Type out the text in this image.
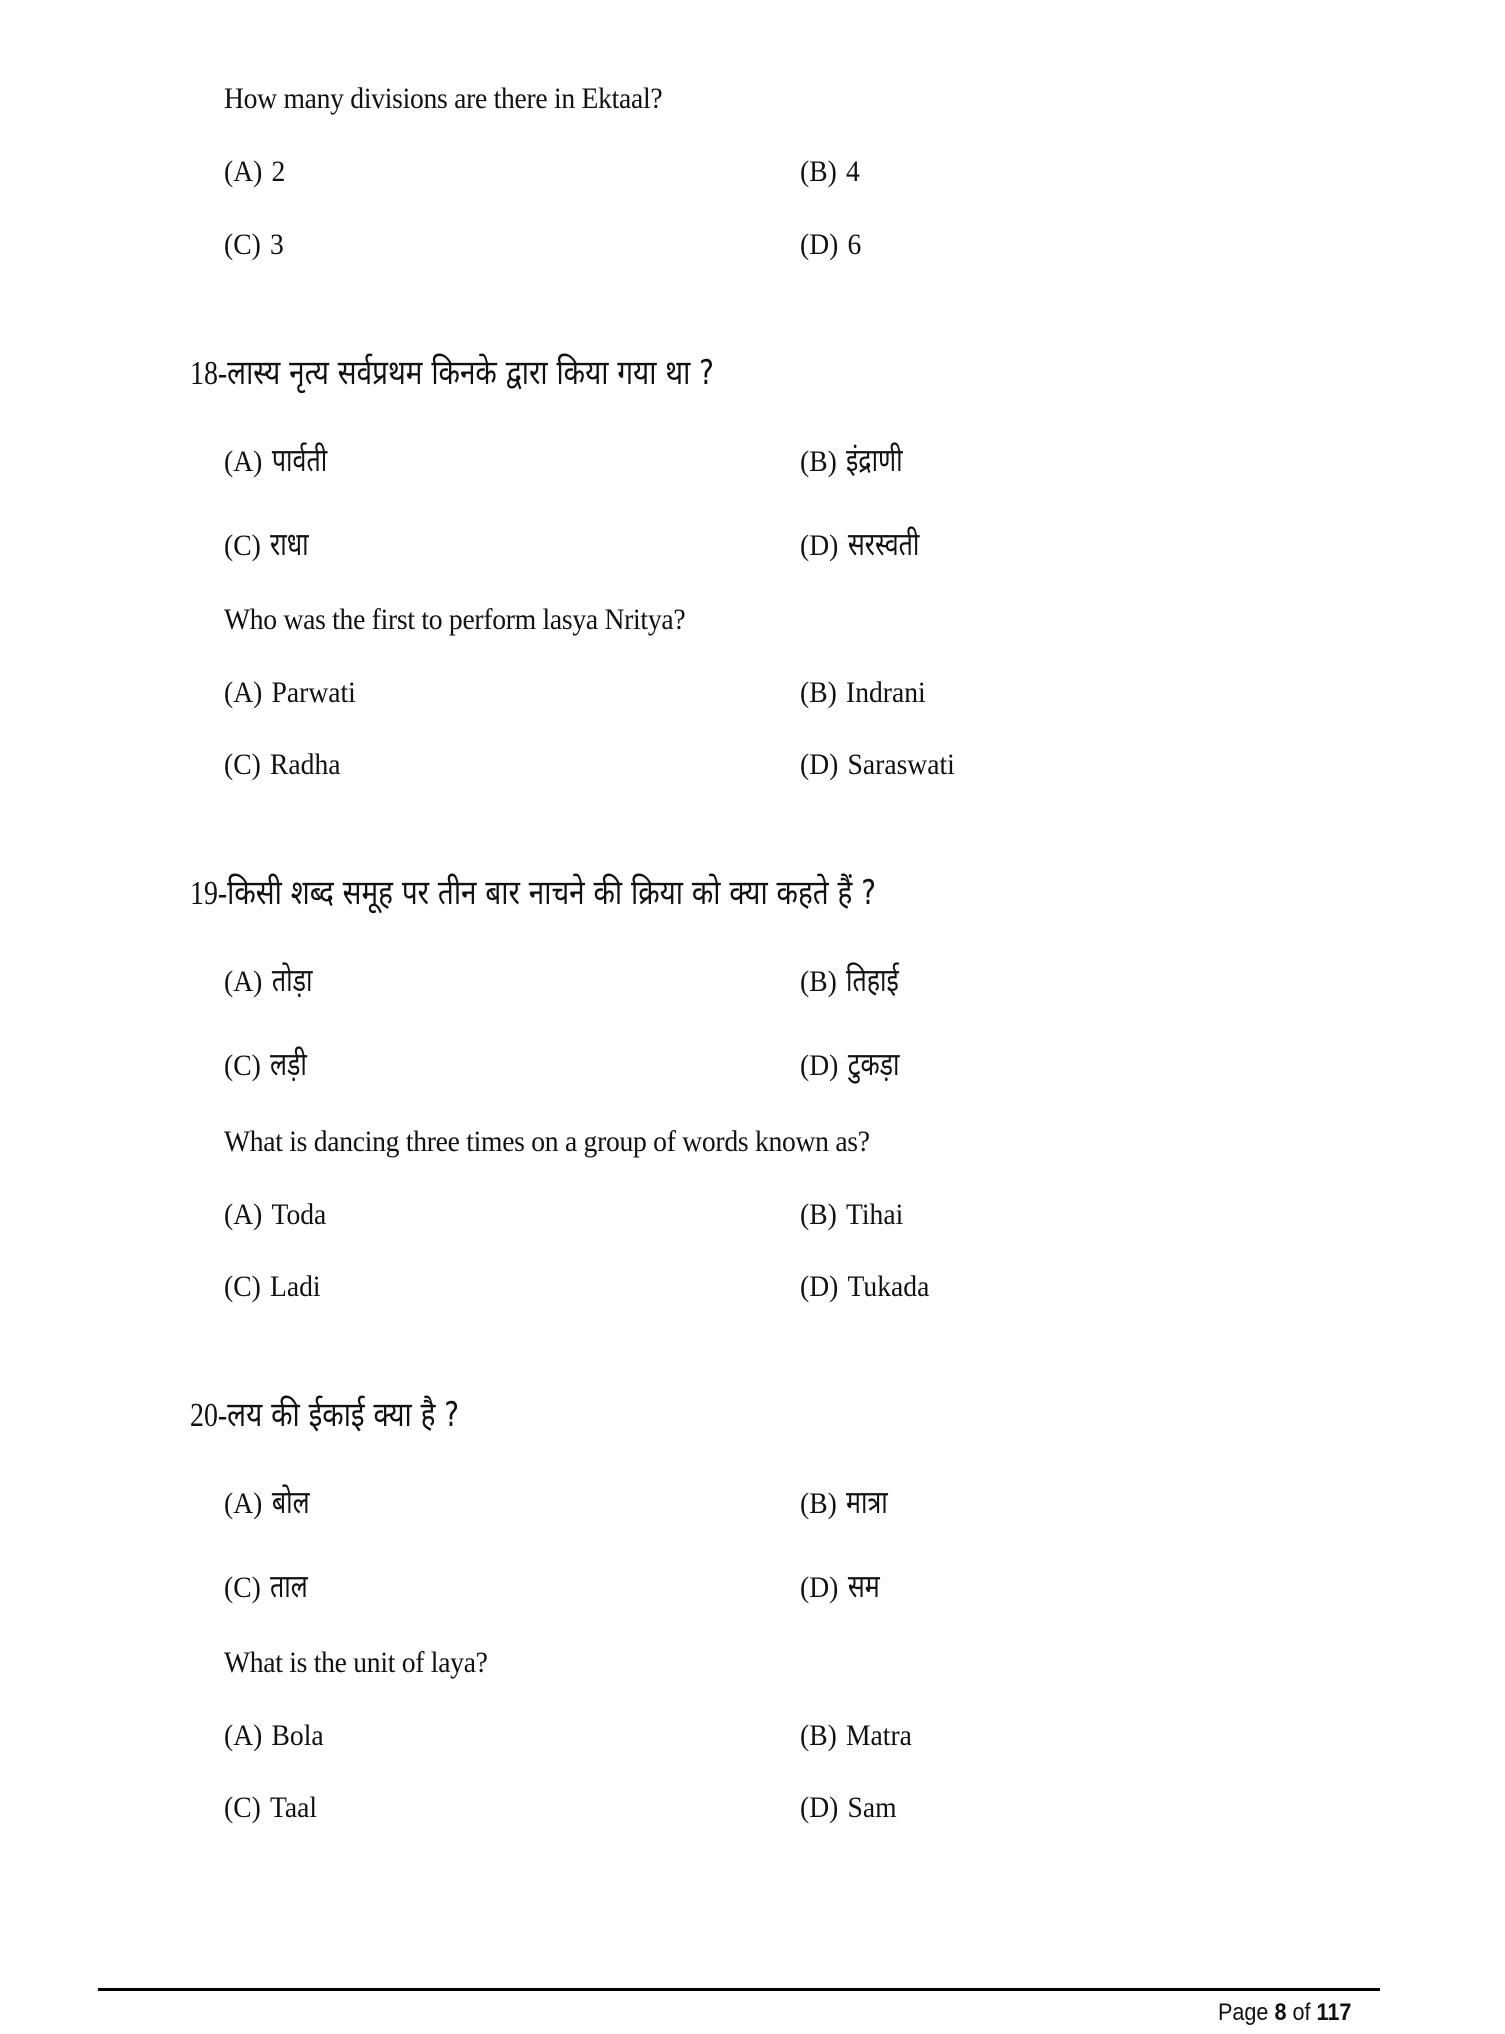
How many divisions are there in Ektaal?
(A) 2	(B) 4
(C) 3	(D) 6
18-लास्य नृत्य सर्वप्रथम किनके द्वारा किया गया था ?
(A) पार्वती	(B) इंद्राणी
(C) राधा	(D) सरस्वती
Who was the first to perform lasya Nritya?
(A) Parwati	(B) Indrani
(C) Radha	(D) Saraswati
19-किसी शब्द समूह पर तीन बार नाचने की क्रिया को क्या कहते हैं ?
(A) तोड़ा	(B) तिहाई
(C) लड़ी	(D) टुकड़ा
What is dancing three times on a group of words known as?
(A) Toda	(B) Tihai
(C) Ladi	(D) Tukada
20-लय की ईकाई क्या है ?
(A) बोल	(B) मात्रा
(C) ताल	(D) सम
What is the unit of laya?
(A) Bola	(B) Matra
(C) Taal	(D) Sam
Page 8 of 117
